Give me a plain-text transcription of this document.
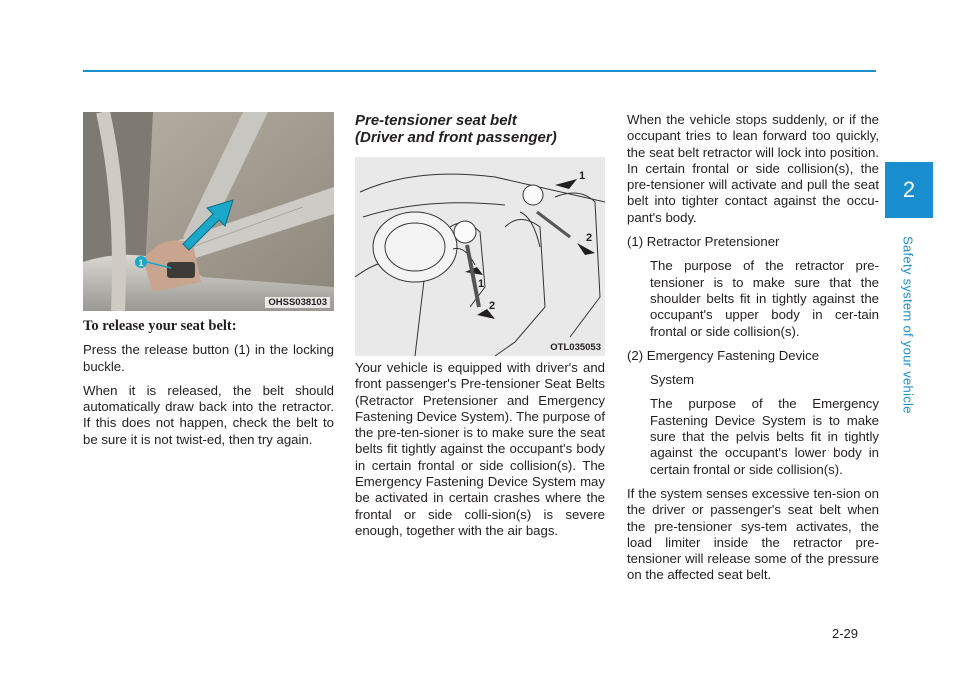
2
Safety system of your vehicle
1
OHSS038103

To release your seat belt:

Press the release button (1) in the locking buckle.

When it is released, the belt should automatically draw back into the retractor. If this does not happen, check the belt to be sure it is not twist-ed, then try again.

Pre-tensioner seat belt
(Driver and front passenger)
1
2
1
2
OTL035053

Your vehicle is equipped with driver's and front passenger's Pre-tensioner Seat Belts (Retractor Pretensioner and Emergency Fastening Device System). The purpose of the pre-ten-sioner is to make sure the seat belts fit tightly against the occupant's body in certain frontal or side collision(s). The Emergency Fastening Device System may be activated in certain crashes where the frontal or side colli-sion(s) is severe enough, together with the air bags.

When the vehicle stops suddenly, or if the occupant tries to lean forward too quickly, the seat belt retractor will lock into position. In certain frontal or side collision(s), the pre-tensioner will activate and pull the seat belt into tighter contact against the occu-pant's body.

(1) Retractor Pretensioner

The purpose of the retractor pre-tensioner is to make sure that the shoulder belts fit in tightly against the occupant's upper body in cer-tain frontal or side collision(s).

(2) Emergency Fastening Device

System

The purpose of the Emergency Fastening Device System is to make sure that the pelvis belts fit in tightly against the occupant's lower body in certain frontal or side collision(s).

If the system senses excessive ten-sion on the driver or passenger's seat belt when the pre-tensioner sys-tem activates, the load limiter inside the retractor pre-tensioner will release some of the pressure on the affected seat belt.

2-29
